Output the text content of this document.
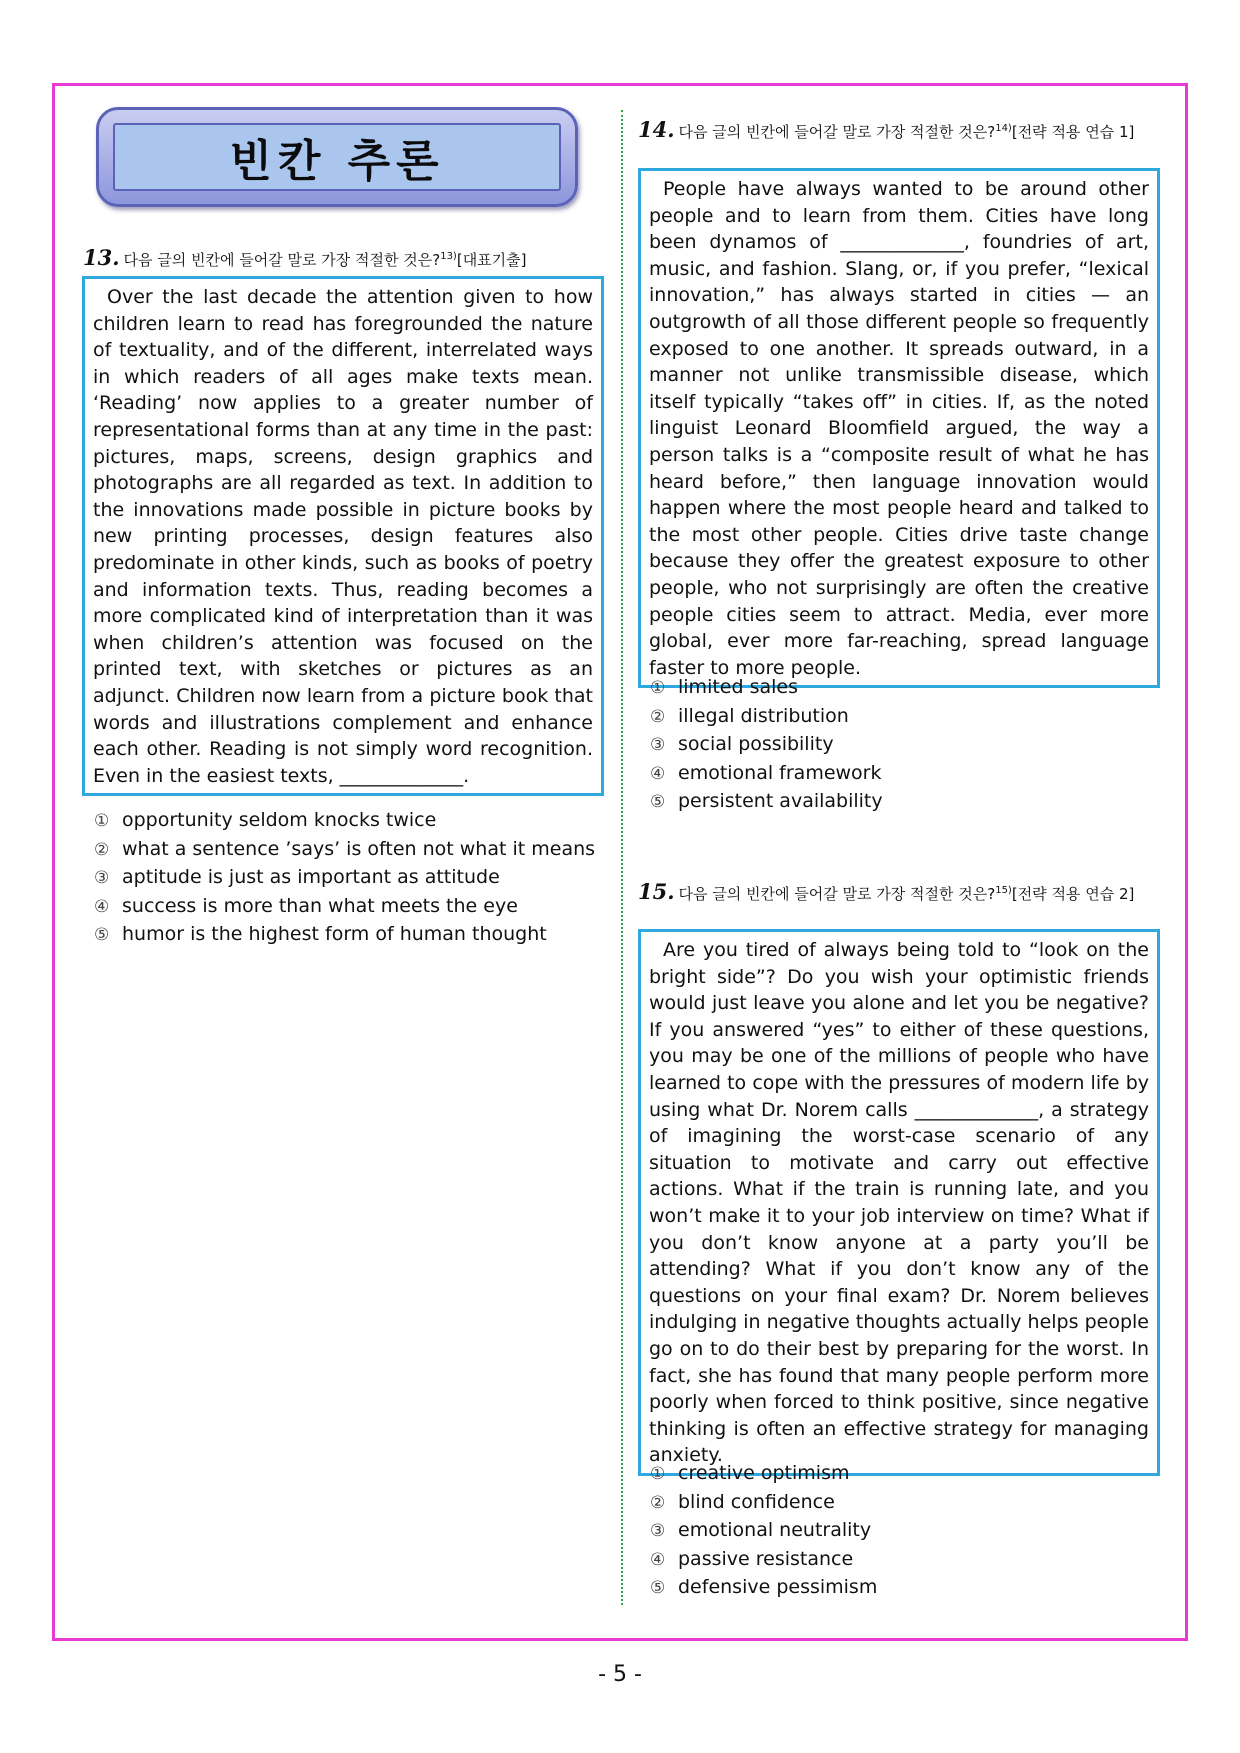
빈칸 추론
13. 다음 글의 빈칸에 들어갈 말로 가장 적절한 것은?$^{13)}$[대표기출]
Over the last decade the attention given to how children learn to read has foregrounded the nature of textuality, and of the different, interrelated ways in which readers of all ages make texts mean. ‘Reading’ now applies to a greater number of representational forms than at any time in the past: pictures, maps, screens, design graphics and photographs are all regarded as text. In addition to the innovations made possible in picture books by new printing processes, design features also predominate in other kinds, such as books of poetry and information texts. Thus, reading becomes a more complicated kind of interpretation than it was when children’s attention was focused on the printed text, with sketches or pictures as an adjunct. Children now learn from a picture book that words and illustrations complement and enhance each other. Reading is not simply word recognition. Even in the easiest texts, _____________.
① opportunity seldom knocks twice
② what a sentence ’says’ is often not what it means
③ aptitude is just as important as attitude
④ success is more than what meets the eye
⑤ humor is the highest form of human thought
14. 다음 글의 빈칸에 들어갈 말로 가장 적절한 것은?$^{14)}$[전략 적용 연습 1]
People have always wanted to be around other people and to learn from them. Cities have long been dynamos of _____________, foundries of art, music, and fashion. Slang, or, if you prefer, “lexical innovation,” has always started in cities — an outgrowth of all those different people so frequently exposed to one another. It spreads outward, in a manner not unlike transmissible disease, which itself typically “takes off” in cities. If, as the noted linguist Leonard Bloomfield argued, the way a person talks is a “composite result of what he has heard before,” then language innovation would happen where the most people heard and talked to the most other people. Cities drive taste change because they offer the greatest exposure to other people, who not surprisingly are often the creative people cities seem to attract. Media, ever more global, ever more far-reaching, spread language faster to more people.
① limited sales
② illegal distribution
③ social possibility
④ emotional framework
⑤ persistent availability
15. 다음 글의 빈칸에 들어갈 말로 가장 적절한 것은?$^{15)}$[전략 적용 연습 2]
Are you tired of always being told to “look on the bright side”? Do you wish your optimistic friends would just leave you alone and let you be negative? If you answered “yes” to either of these questions, you may be one of the millions of people who have learned to cope with the pressures of modern life by using what Dr. Norem calls _____________, a strategy of imagining the worst-case scenario of any situation to motivate and carry out effective actions. What if the train is running late, and you won’t make it to your job interview on time? What if you don’t know anyone at a party you’ll be attending? What if you don’t know any of the questions on your final exam? Dr. Norem believes indulging in negative thoughts actually helps people go on to do their best by preparing for the worst. In fact, she has found that many people perform more poorly when forced to think positive, since negative thinking is often an effective strategy for managing anxiety.
① creative optimism
② blind confidence
③ emotional neutrality
④ passive resistance
⑤ defensive pessimism
- 5 -
